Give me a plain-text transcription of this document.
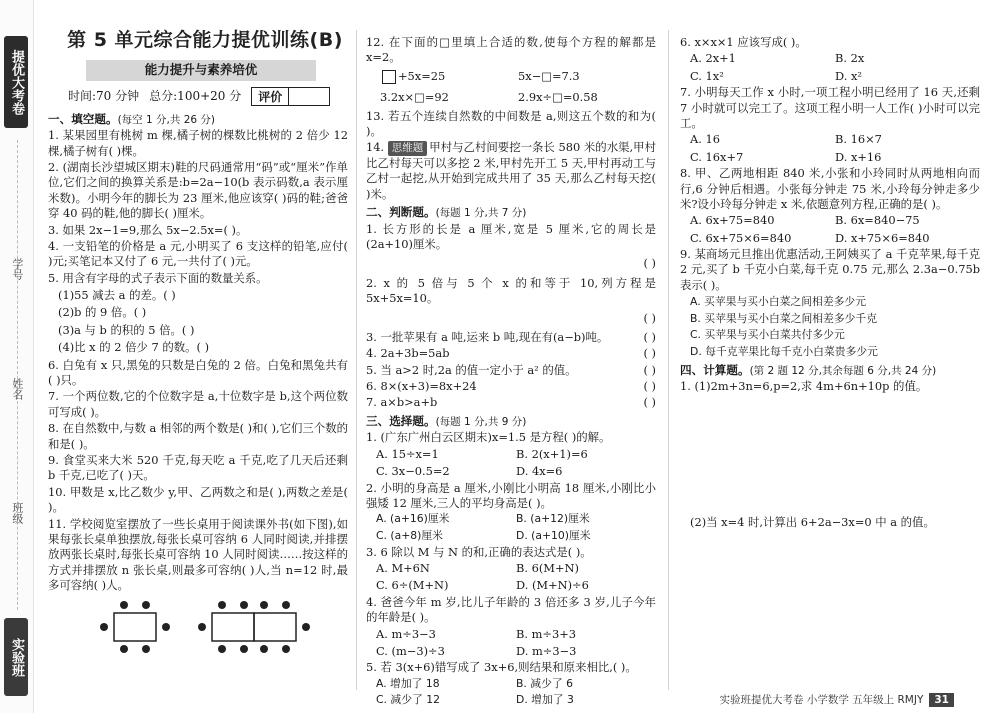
提优大考卷
学号
姓名
班级
实验班
第 5 单元综合能力提优训练(B)
能力提升与素养培优
时间:70 分钟 总分:100+20 分	评价
一、填空题。(每空 1 分,共 26 分)

1. 某果园里有桃树 m 棵,橘子树的棵数比桃树的 2 倍少 12 棵,橘子树有( )棵。

2. (湖南长沙望城区期末)鞋的尺码通常用“码”或“厘米”作单位,它们之间的换算关系是:b=2a−10(b 表示码数,a 表示厘米数)。小明今年的脚长为 23 厘米,他应该穿( )码的鞋;爸爸穿 40 码的鞋,他的脚长( )厘米。

3. 如果 2x−1=9,那么 5x−2.5x=( )。

4. 一支铅笔的价格是 a 元,小明买了 6 支这样的铅笔,应付( )元;买笔记本又付了 6 元,一共付了( )元。

5. 用含有字母的式子表示下面的数量关系。

(1)55 减去 a 的差。( )

(2)b 的 9 倍。( )

(3)a 与 b 的积的 5 倍。( )

(4)比 x 的 2 倍少 7 的数。( )

6. 白兔有 x 只,黑兔的只数是白兔的 2 倍。白兔和黑兔共有( )只。

7. 一个两位数,它的个位数字是 a,十位数字是 b,这个两位数可写成( )。

8. 在自然数中,与数 a 相邻的两个数是( )和( ),它们三个数的和是( )。

9. 食堂买来大米 520 千克,每天吃 a 千克,吃了几天后还剩 b 千克,已吃了( )天。

10. 甲数是 x,比乙数少 y,甲、乙两数之和是( ),两数之差是( )。

11. 学校阅览室摆放了一些长桌用于阅读课外书(如下图),如果每张长桌单独摆放,每张长桌可容纳 6 人同时阅读,并排摆放两张长桌时,每张长桌可容纳 10 人同时阅读……按这样的方式并排摆放 n 张长桌,则最多可容纳( )人,当 n=12 时,最多可容纳( )人。

12. 在下面的□里填上合适的数,使每个方程的解都是 x=2。

+5x=25	5x−□=7.3
3.2x×□=92	2.9x÷□=0.58

13. 若五个连续自然数的中间数是 a,则这五个数的和为( )。

14. 思维题 甲村与乙村间要挖一条长 580 米的水渠,甲村比乙村每天可以多挖 2 米,甲村先开工 5 天,甲村再动工与乙村一起挖,从开始到完成共用了 35 天,那么乙村每天挖( )米。

二、判断题。(每题 1 分,共 7 分)

1. 长方形的长是 a 厘米,宽是 5 厘米,它的周长是(2a+10)厘米。

( )

2. x 的 5 倍与 5 个 x 的和等于 10,列方程是 5x+5x=10。

( )

3. 一批苹果有 a 吨,运来 b 吨,现在有(a−b)吨。	( )

4. 2a+3b=5ab	( )

5. 当 a>2 时,2a 的值一定小于 a² 的值。	( )

6. 8×(x+3)=8x+24	( )

7. a×b>a+b	( )

三、选择题。(每题 1 分,共 9 分)

1. (广东广州白云区期末)x=1.5 是方程( )的解。

A. 15÷x=1	B. 2(x+1)=6
C. 3x−0.5=2	D. 4x=6

2. 小明的身高是 a 厘米,小刚比小明高 18 厘米,小刚比小强矮 12 厘米,三人的平均身高是( )。

A. (a+16)厘米	B. (a+12)厘米
C. (a+8)厘米	D. (a+10)厘米

3. 6 除以 M 与 N 的和,正确的表达式是( )。

A. M+6N	B. 6(M+N)
C. 6÷(M+N)	D. (M+N)÷6

4. 爸爸今年 m 岁,比儿子年龄的 3 倍还多 3 岁,儿子今年的年龄是( )。

A. m÷3−3	B. m÷3+3
C. (m−3)÷3	D. m÷3−3

5. 若 3(x+6)错写成了 3x+6,则结果和原来相比,( )。

A. 增加了 18	B. 减少了 6
C. 减少了 12	D. 增加了 3

6. x×x×1 应该写成( )。

A. 2x+1	B. 2x
C. 1x²	D. x²

7. 小明每天工作 x 小时,一项工程小明已经用了 16 天,还剩 7 小时就可以完工了。这项工程小明一人工作( )小时可以完工。

A. 16	B. 16×7
C. 16x+7	D. x+16

8. 甲、乙两地相距 840 米,小张和小玲同时从两地相向而行,6 分钟后相遇。小张每分钟走 75 米,小玲每分钟走多少米?设小玲每分钟走 x 米,依题意列方程,正确的是( )。

A. 6x+75=840	B. 6x=840−75
C. 6x+75×6=840	D. x+75×6=840

9. 某商场元旦推出优惠活动,王阿姨买了 a 千克苹果,每千克 2 元,买了 b 千克小白菜,每千克 0.75 元,那么 2.3a−0.75b 表示( )。

A. 买苹果与买小白菜之间相差多少元

B. 买苹果与买小白菜之间相差多少千克

C. 买苹果与买小白菜共付多少元

D. 每千克苹果比每千克小白菜贵多少元

四、计算题。(第 2 题 12 分,其余每题 6 分,共 24 分)

1. (1)2m+3n=6,p=2,求 4m+6n+10p 的值。

(2)当 x=4 时,计算出 6+2a−3x=0 中 a 的值。

实验班提优大考卷 小学数学 五年级上 RMJY	31
